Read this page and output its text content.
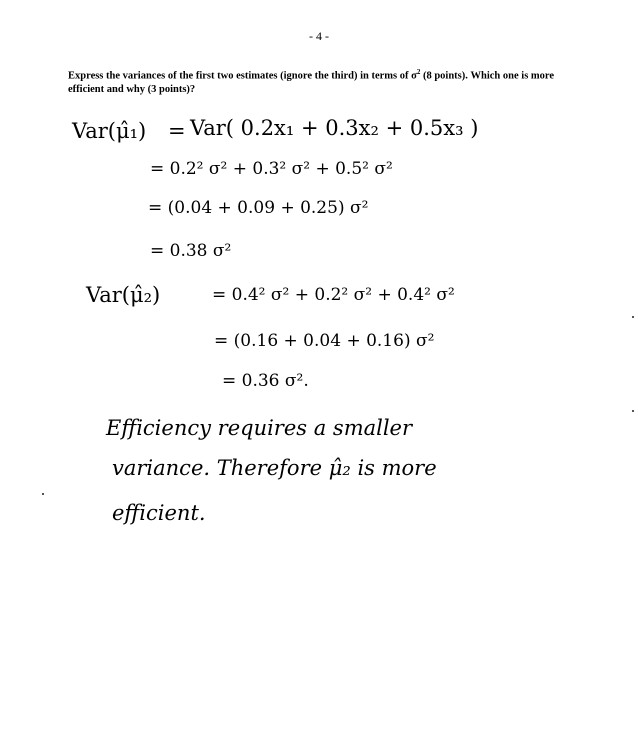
- 4 -
Express the variances of the first two estimates (ignore the third) in terms of $\sigma^2$ (8 points). Which one is more efficient and why (3 points)?
Var(μ̂₁) = Var( 0.2x₁ + 0.3x₂ + 0.5x₃ )
= 0.2² σ² + 0.3² σ² + 0.5² σ²
= (0.04 + 0.09 + 0.25) σ²
= 0.38 σ²
Var(μ̂₂)	= 0.4² σ² + 0.2² σ² + 0.4² σ²
= (0.16 + 0.04 + 0.16) σ²
= 0.36 σ².
Efficiency requires a smaller
variance. Therefore μ̂₂ is more
efficient.
